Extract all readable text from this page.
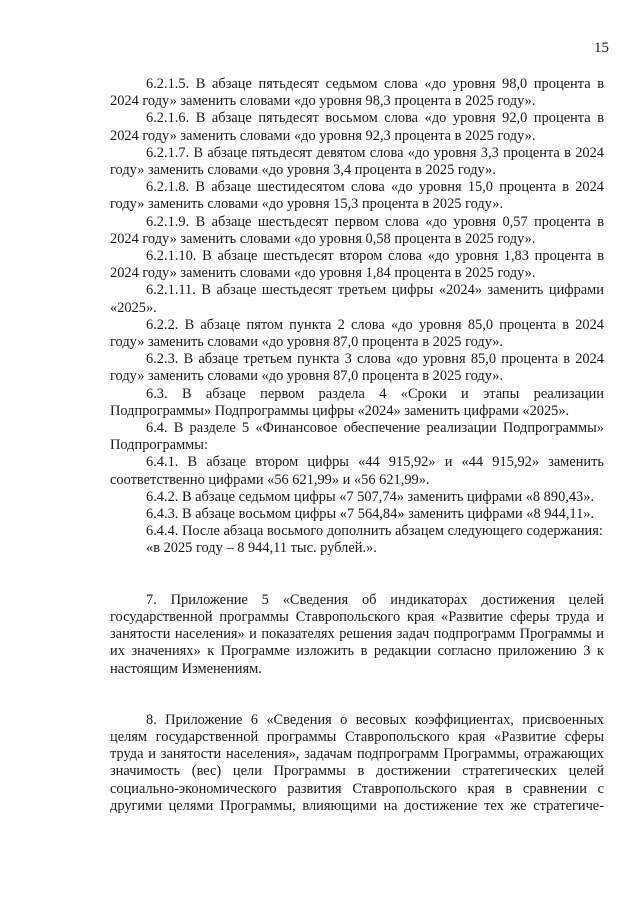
15

6.2.1.5. В абзаце пятьдесят седьмом слова «до уровня 98,0 процента в 2024 году» заменить словами «до уровня 98,3 процента в 2025 году».

6.2.1.6. В абзаце пятьдесят восьмом слова «до уровня 92,0 процента в 2024 году» заменить словами «до уровня 92,3 процента в 2025 году».

6.2.1.7. В абзаце пятьдесят девятом слова «до уровня 3,3 процента в 2024 году» заменить словами «до уровня 3,4 процента в 2025 году».

6.2.1.8. В абзаце шестидесятом слова «до уровня 15,0 процента в 2024 году» заменить словами «до уровня 15,3 процента в 2025 году».

6.2.1.9. В абзаце шестьдесят первом слова «до уровня 0,57 процента в 2024 году» заменить словами «до уровня 0,58 процента в 2025 году».

6.2.1.10. В абзаце шестьдесят втором слова «до уровня 1,83 процента в 2024 году» заменить словами «до уровня 1,84 процента в 2025 году».

6.2.1.11. В абзаце шестьдесят третьем цифры «2024» заменить цифрами «2025».

6.2.2. В абзаце пятом пункта 2 слова «до уровня 85,0 процента в 2024 году» заменить словами «до уровня 87,0 процента в 2025 году».

6.2.3. В абзаце третьем пункта 3 слова «до уровня 85,0 процента в 2024 году» заменить словами «до уровня 87,0 процента в 2025 году».

6.3. В абзаце первом раздела 4 «Сроки и этапы реализации Подпрограммы» Подпрограммы цифры «2024» заменить цифрами «2025».

6.4. В разделе 5 «Финансовое обеспечение реализации Подпрограммы» Подпрограммы:

6.4.1. В абзаце втором цифры «44 915,92» и «44 915,92» заменить соответственно цифрами «56 621,99» и «56 621,99».

6.4.2. В абзаце седьмом цифры «7 507,74» заменить цифрами «8 890,43».

6.4.3. В абзаце восьмом цифры «7 564,84» заменить цифрами «8 944,11».

6.4.4. После абзаца восьмого дополнить абзацем следующего содержания:

«в 2025 году – 8 944,11 тыс. рублей.».

7. Приложение 5 «Сведения об индикаторах достижения целей государственной программы Ставропольского края «Развитие сферы труда и занятости населения» и показателях решения задач подпрограмм Программы и их значениях» к Программе изложить в редакции согласно приложению 3 к настоящим Изменениям.

8. Приложение 6 «Сведения о весовых коэффициентах, присвоенных целям государственной программы Ставропольского края «Развитие сферы труда и занятости населения», задачам подпрограмм Программы, отражающих значимость (вес) цели Программы в достижении стратегических целей социально-экономического развития Ставропольского края в сравнении с другими целями Программы, влияющими на достижение тех же стратегиче-
